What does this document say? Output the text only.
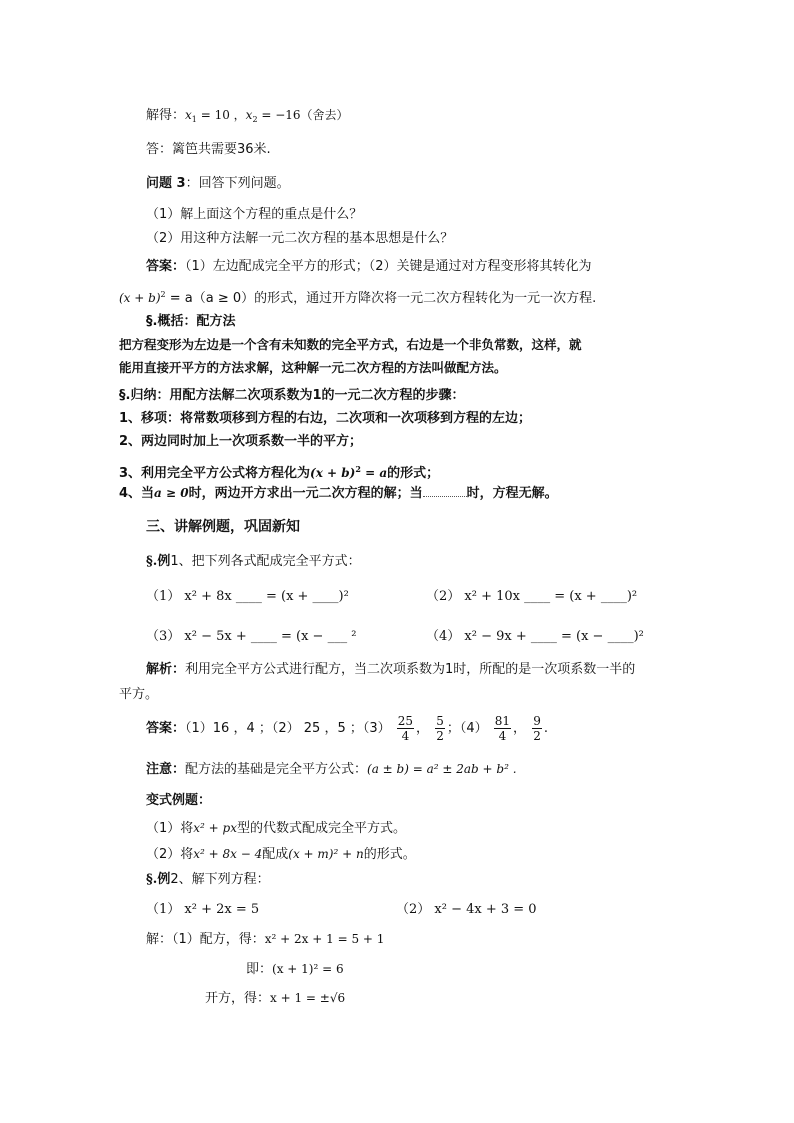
解得：$x_1 = 10$ ，$x_2 = -16$（舍去）
答：篱笆共需要36米.
问题 3：回答下列问题。
（1）解上面这个方程的重点是什么？
（2）用这种方法解一元二次方程的基本思想是什么？
答案：（1）左边配成完全平方的形式；（2）关键是通过对方程变形将其转化为
$(x + b)^2 = a(a \ge 0)$的形式，通过开方降次将一元二次方程转化为一元一次方程.
§.概括：配方法
把方程变形为左边是一个含有未知数的完全平方式，右边是一个非负常数，这样，就
能用直接开平方的方法求解，这种解一元二次方程的方法叫做配方法。
§.归纳：用配方法解二次项系数为1的一元二次方程的步骤：
1、移项：将常数项移到方程的右边，二次项和一次项移到方程的左边；
2、两边同时加上一次项系数一半的平方；
3、利用完全平方公式将方程化为$(x + b)^2 = a$的形式；
4、当a ≥ 0时，两边开方求出一元二次方程的解；当	时，方程无解。
三、讲解例题，巩固新知
§.例1、把下列各式配成完全平方式：
（1） x² + 8x ____ = (x + ____)²	（2） x² + 10x ____ = (x + ____)²
（3） x² − 5x + ____ = (x − ___ ²	（4） x² − 9x + ____ = (x − ____)²
解析：利用完全平方公式进行配方，当二次项系数为1时，所配的是一次项系数一半的
平方。
答案：（1）16 ，4 ；（2） 25 ，5 ；$(3) \frac{25}{4}$ ， $\frac{5}{2}$ ；$(4) \frac{81}{4}$ ， $\frac{9}{2}$ .
注意：配方法的基础是完全平方公式：(a ± b) = a² ± 2ab + b² .
变式例题：
（1）将x² + px型的代数式配成完全平方式。
（2）将x² + 8x − 4配成(x + m)² + n的形式。
§.例2、解下列方程：
（1） x² + 2x = 5	（2） x² − 4x + 3 = 0
解：（1）配方，得：x² + 2x + 1 = 5 + 1
即：(x + 1)² = 6
开方，得：x + 1 = ±√6
